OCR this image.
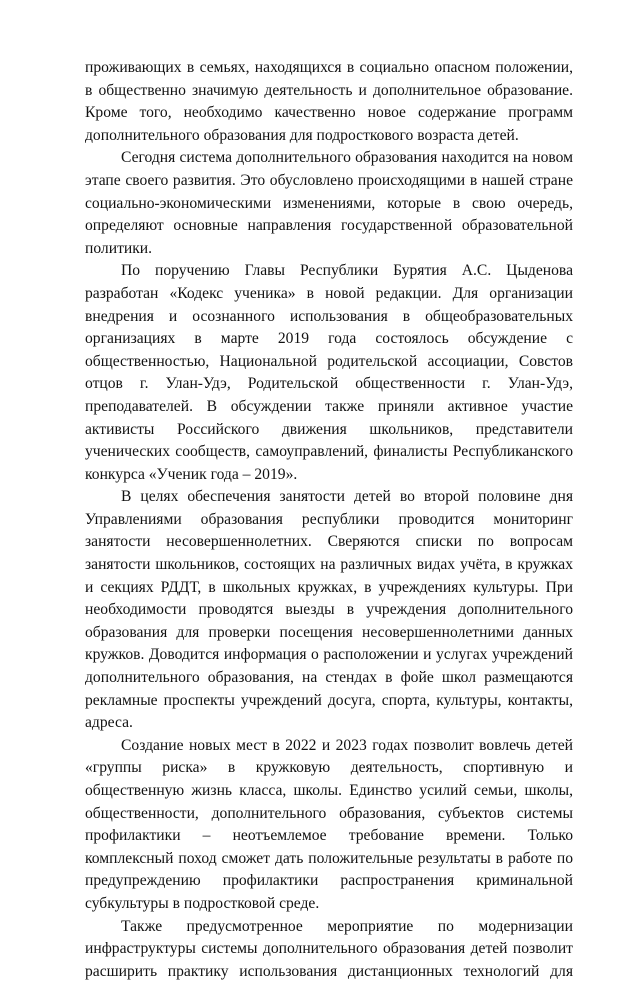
проживающих в семьях, находящихся в социально опасном положении, в общественно значимую деятельность и дополнительное образование. Кроме того, необходимо качественно новое содержание программ дополнительного образования для подросткового возраста детей.

Сегодня система дополнительного образования находится на новом этапе своего развития. Это обусловлено происходящими в нашей стране социально-экономическими изменениями, которые в свою очередь, определяют основные направления государственной образовательной политики.

По поручению Главы Республики Бурятия А.С. Цыденова разработан «Кодекс ученика» в новой редакции. Для организации внедрения и осознанного использования в общеобразовательных организациях в марте 2019 года состоялось обсуждение с общественностью, Национальной родительской ассоциации, Совстов отцов г. Улан-Удэ, Родительской общественности г. Улан-Удэ, преподавателей. В обсуждении также приняли активное участие активисты Российского движения школьников, представители ученических сообществ, самоуправлений, финалисты Республиканского конкурса «Ученик года – 2019».

В целях обеспечения занятости детей во второй половине дня Управлениями образования республики проводится мониторинг занятости несовершеннолетних. Сверяются списки по вопросам занятости школьников, состоящих на различных видах учёта, в кружках и секциях РДДТ, в школьных кружках, в учреждениях культуры. При необходимости проводятся выезды в учреждения дополнительного образования для проверки посещения несовершеннолетними данных кружков. Доводится информация о расположении и услугах учреждений дополнительного образования, на стендах в фойе школ размещаются рекламные проспекты учреждений досуга, спорта, культуры, контакты, адреса.

Создание новых мест в 2022 и 2023 годах позволит вовлечь детей «группы риска» в кружковую деятельность, спортивную и общественную жизнь класса, школы. Единство усилий семьи, школы, общественности, дополнительного образования, субъектов системы профилактики – неотъемлемое требование времени. Только комплексный поход сможет дать положительные результаты в работе по предупреждению профилактики распространения криминальной субкультуры в подростковой среде.

Также предусмотренное мероприятие по модернизации инфраструктуры системы дополнительного образования детей позволит расширить практику использования дистанционных технологий для
